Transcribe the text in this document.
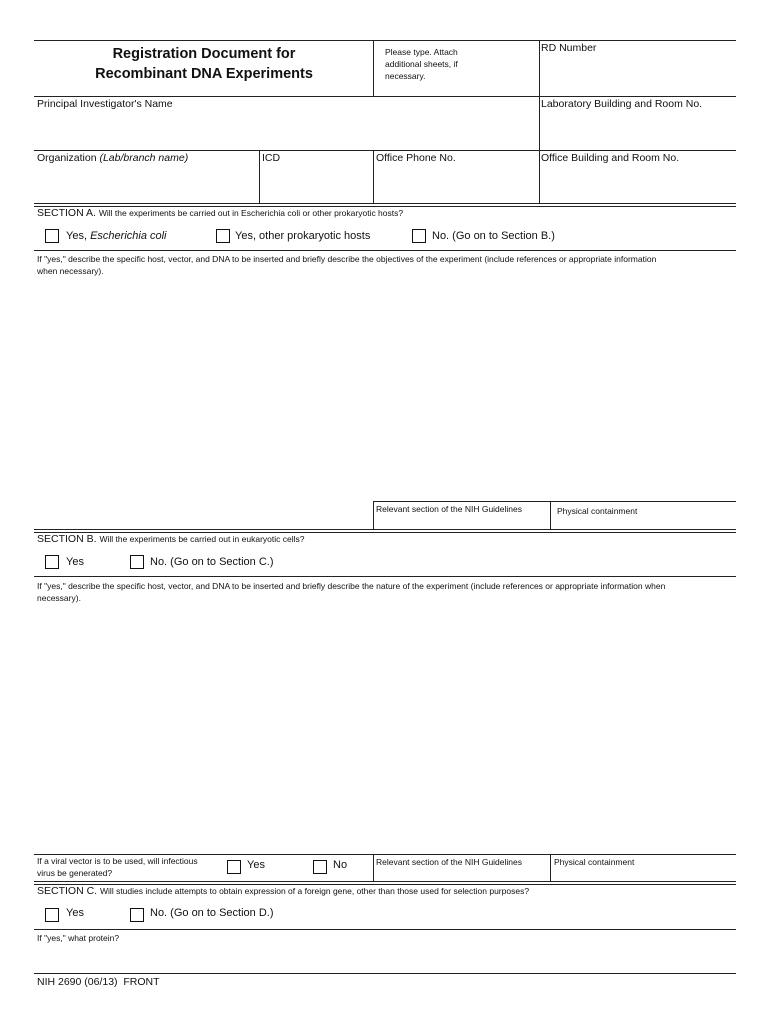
Registration Document for
Recombinant DNA Experiments
Please type. Attach additional sheets, if necessary.
RD Number
Principal Investigator's Name	Laboratory Building and Room No.
Organization (Lab/branch name)	ICD	Office Phone No.	Office Building and Room No.
SECTION A. Will the experiments be carried out in Escherichia coli or other prokaryotic hosts?
Yes, Escherichia coli	Yes, other prokaryotic hosts	No. (Go on to Section B.)
If "yes," describe the specific host, vector, and DNA to be inserted and briefly describe the objectives of the experiment (include references or appropriate information when necessary).
Relevant section of the NIH Guidelines	Physical containment
SECTION B. Will the experiments be carried out in eukaryotic cells?
Yes	No. (Go on to Section C.)
If "yes," describe the specific host, vector, and DNA to be inserted and briefly describe the nature of the experiment (include references or appropriate information when necessary).
If a viral vector is to be used, will infectious virus be generated?
Yes	No	Relevant section of the NIH Guidelines	Physical containment
SECTION C. Will studies include attempts to obtain expression of a foreign gene, other than those used for selection purposes?
Yes	No. (Go on to Section D.)
If "yes," what protein?
NIH 2690 (06/13)  FRONT
